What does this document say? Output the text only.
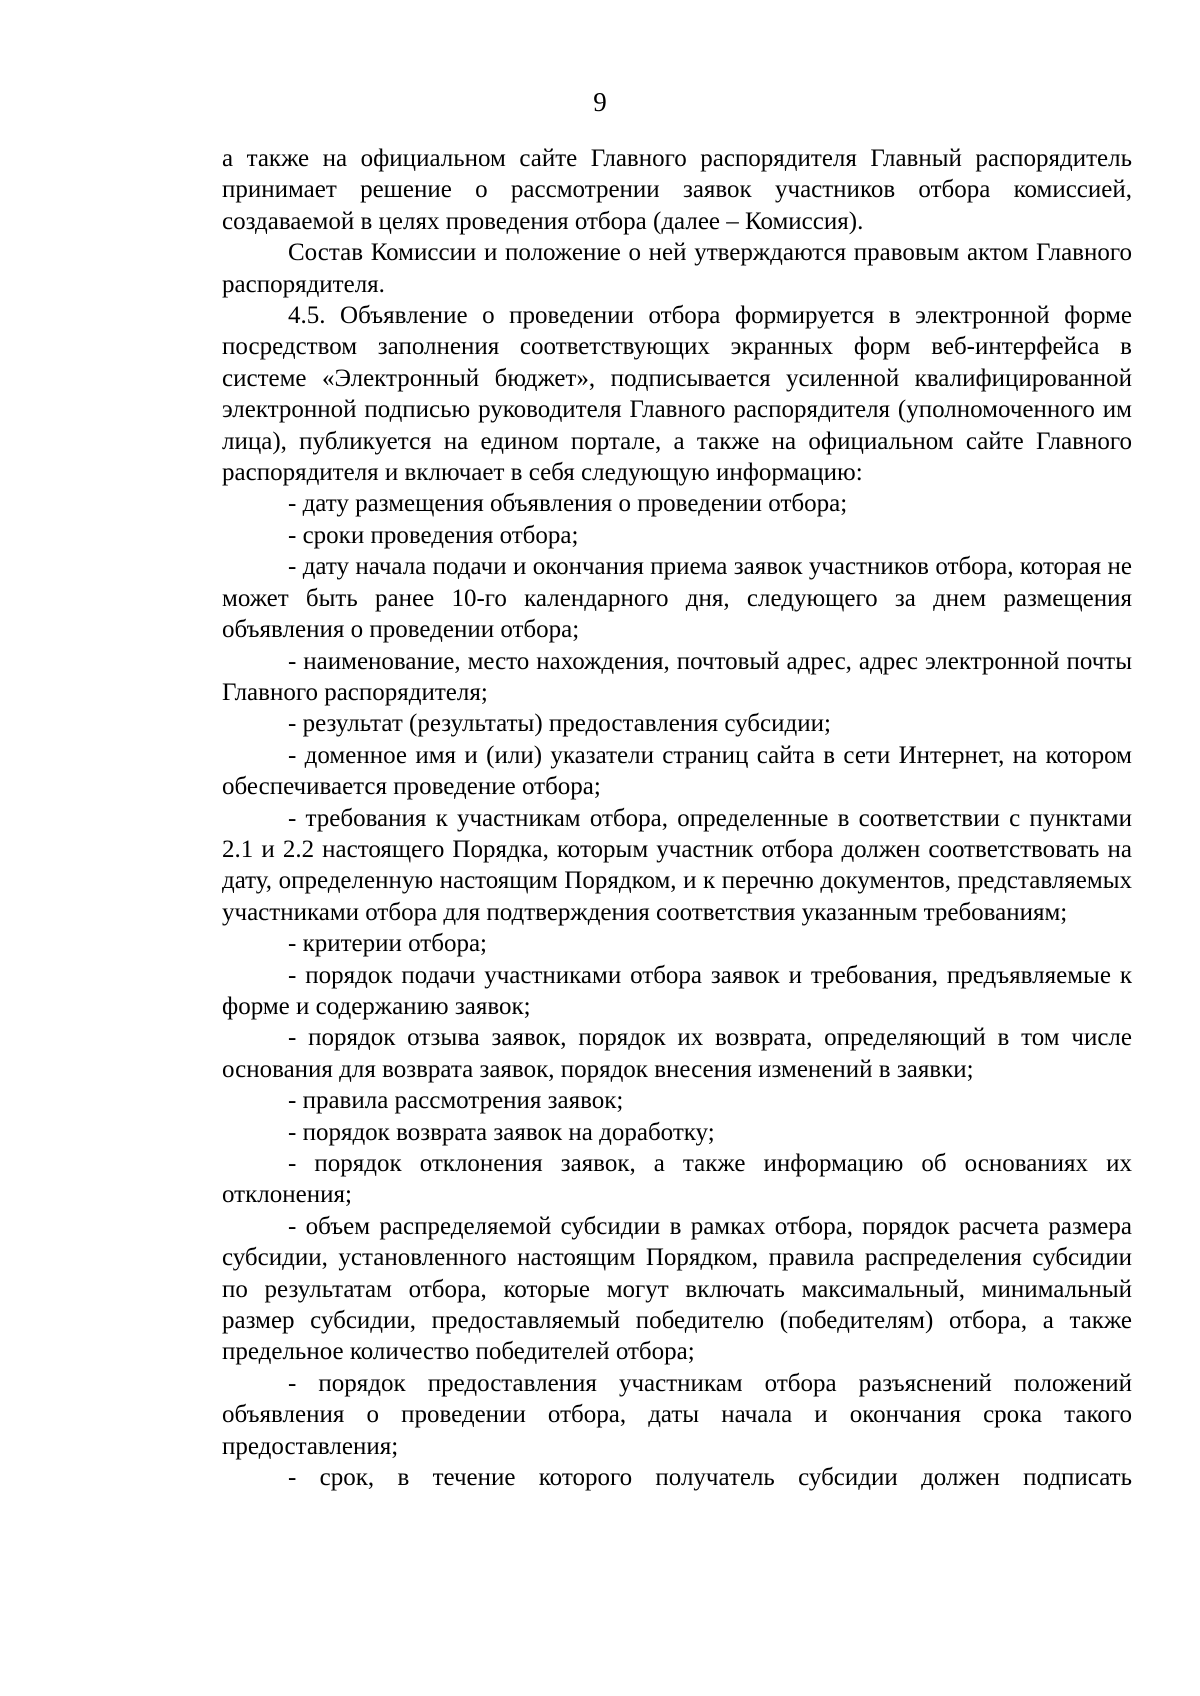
9

а также на официальном сайте Главного распорядителя Главный распорядитель принимает решение о рассмотрении заявок участников отбора комиссией, создаваемой в целях проведения отбора (далее – Комиссия).

Состав Комиссии и положение о ней утверждаются правовым актом Главного распорядителя.

4.5. Объявление о проведении отбора формируется в электронной форме посредством заполнения соответствующих экранных форм веб-интерфейса в системе «Электронный бюджет», подписывается усиленной квалифицированной электронной подписью руководителя Главного распорядителя (уполномоченного им лица), публикуется на едином портале, а также на официальном сайте Главного распорядителя и включает в себя следующую информацию:

- дату размещения объявления о проведении отбора;

- сроки проведения отбора;

- дату начала подачи и окончания приема заявок участников отбора, которая не может быть ранее 10-го календарного дня, следующего за днем размещения объявления о проведении отбора;

- наименование, место нахождения, почтовый адрес, адрес электронной почты Главного распорядителя;

- результат (результаты) предоставления субсидии;

- доменное имя и (или) указатели страниц сайта в сети Интернет, на котором обеспечивается проведение отбора;

- требования к участникам отбора, определенные в соответствии с пунктами 2.1 и 2.2 настоящего Порядка, которым участник отбора должен соответствовать на дату, определенную настоящим Порядком, и к перечню документов, представляемых участниками отбора для подтверждения соответствия указанным требованиям;

- критерии отбора;

- порядок подачи участниками отбора заявок и требования, предъявляемые к форме и содержанию заявок;

- порядок отзыва заявок, порядок их возврата, определяющий в том числе основания для возврата заявок, порядок внесения изменений в заявки;

- правила рассмотрения заявок;

- порядок возврата заявок на доработку;

- порядок отклонения заявок, а также информацию об основаниях их отклонения;

- объем распределяемой субсидии в рамках отбора, порядок расчета размера субсидии, установленного настоящим Порядком, правила распределения субсидии по результатам отбора, которые могут включать максимальный, минимальный размер субсидии, предоставляемый победителю (победителям) отбора, а также предельное количество победителей отбора;

- порядок предоставления участникам отбора разъяснений положений объявления о проведении отбора, даты начала и окончания срока такого предоставления;

- срок, в течение которого получатель субсидии должен подписать
